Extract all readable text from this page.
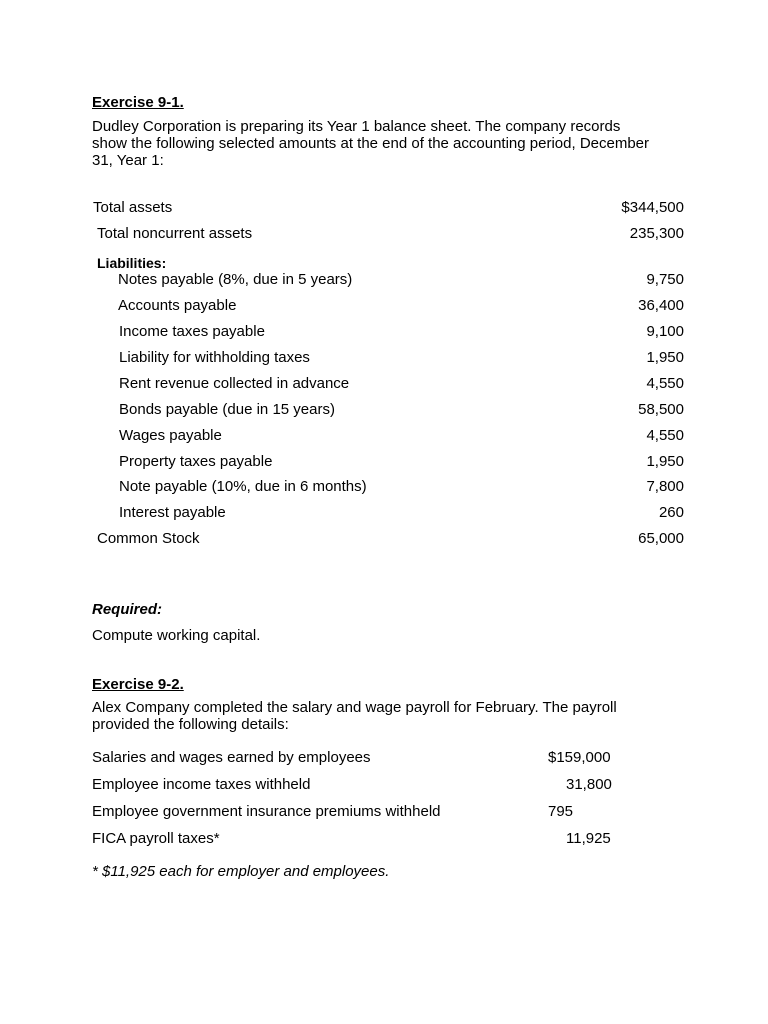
Exercise 9-1.
Dudley Corporation is preparing its Year 1 balance sheet. The company records
show the following selected amounts at the end of the accounting period, December
31, Year 1:
Total assets	$344,500
Total noncurrent assets	235,300
Liabilities:
Notes payable (8%, due in 5 years)	9,750
Accounts payable	36,400
Income taxes payable	9,100
Liability for withholding taxes	1,950
Rent revenue collected in advance	4,550
Bonds payable (due in 15 years)	58,500
Wages payable	4,550
Property taxes payable	1,950
Note payable (10%, due in 6 months)	7,800
Interest payable	260
Common Stock	65,000
Required:
Compute working capital.
Exercise 9-2.
Alex Company completed the salary and wage payroll for February. The payroll
provided the following details:
Salaries and wages earned by employees	$159,000
Employee income taxes withheld	31,800
Employee government insurance premiums withheld	795
FICA payroll taxes*	11,925
* $11,925 each for employer and employees.
